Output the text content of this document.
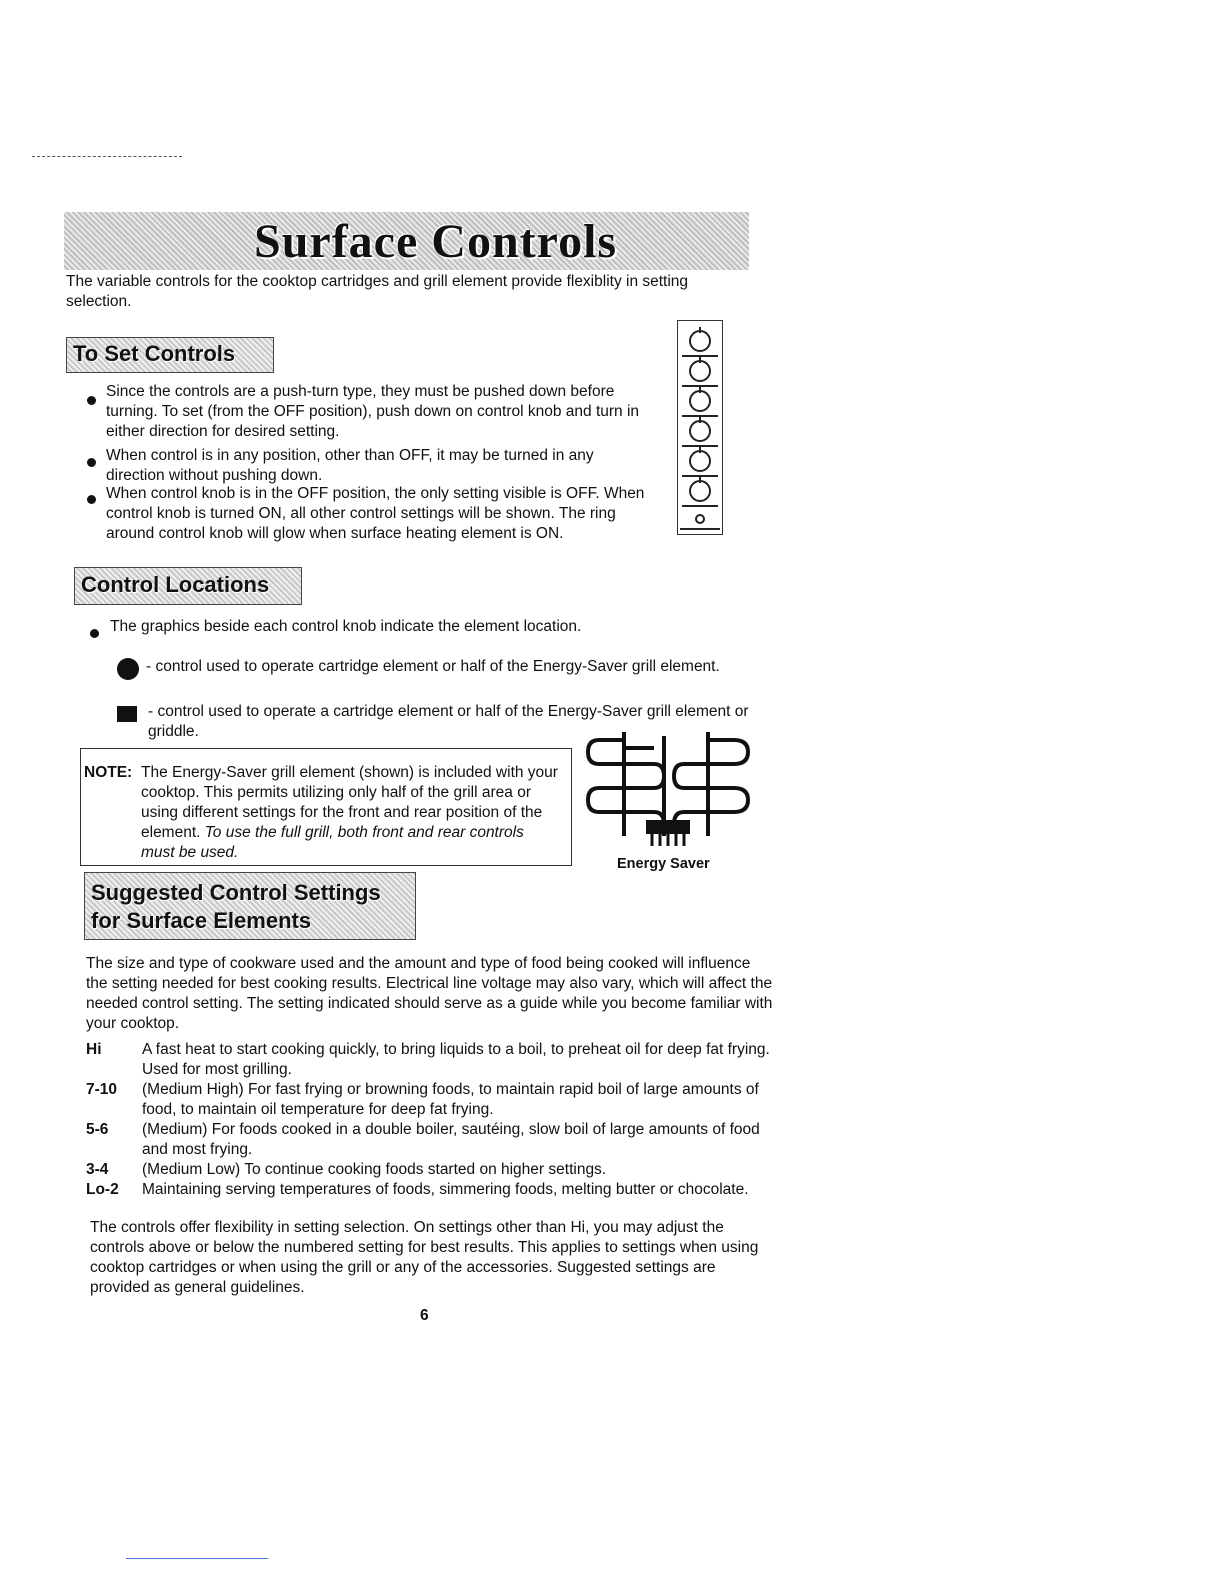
Surface Controls

The variable controls for the cooktop cartridges and grill element provide flexiblity in setting selection.

To Set Controls

Since the controls are a push-turn type, they must be pushed down before turning. To set (from the OFF position), push down on control knob and turn in either direction for desired setting.

When control is in any position, other than OFF, it may be turned in any direction without pushing down.

When control knob is in the OFF position, the only setting visible is OFF. When control knob is turned ON, all other control settings will be shown. The ring around control knob will glow when surface heating element is ON.

Control Locations

The graphics beside each control knob indicate the element location.

- control used to operate cartridge element or half of the Energy-Saver grill element.

- control used to operate a cartridge element or half of the Energy-Saver grill element or griddle.

NOTE: The Energy-Saver grill element (shown) is included with your cooktop. This permits utilizing only half of the grill area or using different settings for the front and rear position of the element. To use the full grill, both front and rear controls must be used.
Energy Saver
Suggested Control Settings
for Surface Elements

The size and type of cookware used and the amount and type of food being cooked will influence the setting needed for best cooking results. Electrical line voltage may also vary, which will affect the needed control setting. The setting indicated should serve as a guide while you become familiar with your cooktop.

Hi	A fast heat to start cooking quickly, to bring liquids to a boil, to preheat oil for deep fat frying. Used for most grilling.
7-10 (Medium High) For fast frying or browning foods, to maintain rapid boil of large amounts of food, to maintain oil temperature for deep fat frying.
5-6 (Medium) For foods cooked in a double boiler, sautéing, slow boil of large amounts of food and most frying.
3-4 (Medium Low) To continue cooking foods started on higher settings.
Lo-2 Maintaining serving temperatures of foods, simmering foods, melting butter or chocolate.

The controls offer flexibility in setting selection. On settings other than Hi, you may adjust the controls above or below the numbered setting for best results. This applies to settings when using cooktop cartridges or when using the grill or any of the accessories. Suggested settings are provided as general guidelines.

6
